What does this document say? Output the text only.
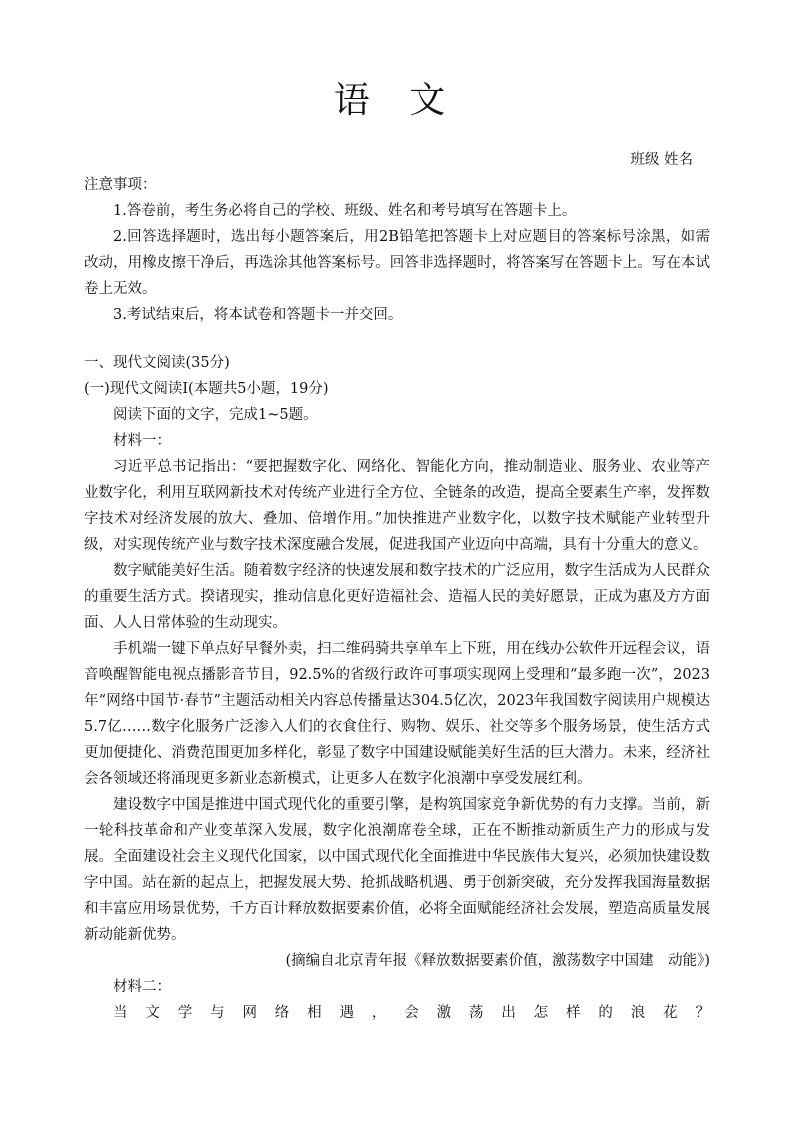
语 文
班级 姓名
注意事项：
1.答卷前，考生务必将自己的学校、班级、姓名和考号填写在答题卡上。
2.回答选择题时，选出每小题答案后，用2B铅笔把答题卡上对应题目的答案标号涂黑，如需改动，用橡皮擦干净后，再选涂其他答案标号。回答非选择题时，将答案写在答题卡上。写在本试卷上无效。
3.考试结束后，将本试卷和答题卡一并交回。
一、现代文阅读(35分)
(一)现代文阅读Ⅰ(本题共5小题，19分)
阅读下面的文字，完成1~5题。
材料一：
习近平总书记指出：“要把握数字化、网络化、智能化方向，推动制造业、服务业、农业等产业数字化，利用互联网新技术对传统产业进行全方位、全链条的改造，提高全要素生产率，发挥数字技术对经济发展的放大、叠加、倍增作用。”加快推进产业数字化，以数字技术赋能产业转型升级，对实现传统产业与数字技术深度融合发展，促进我国产业迈向中高端，具有十分重大的意义。
数字赋能美好生活。随着数字经济的快速发展和数字技术的广泛应用，数字生活成为人民群众的重要生活方式。揆诸现实，推动信息化更好造福社会、造福人民的美好愿景，正成为惠及方方面面、人人日常体验的生动现实。
手机端一键下单点好早餐外卖，扫二维码骑共享单车上下班，用在线办公软件开远程会议，语音唤醒智能电视点播影音节目，92.5%的省级行政许可事项实现网上受理和“最多跑一次”，2023年“网络中国节·春节”主题活动相关内容总传播量达304.5亿次，2023年我国数字阅读用户规模达5.7亿……数字化服务广泛渗入人们的衣食住行、购物、娱乐、社交等多个服务场景，使生活方式更加便捷化、消费范围更加多样化，彰显了数字中国建设赋能美好生活的巨大潜力。未来，经济社会各领域还将涌现更多新业态新模式，让更多人在数字化浪潮中享受发展红利。
建设数字中国是推进中国式现代化的重要引擎，是构筑国家竞争新优势的有力支撑。当前，新一轮科技革命和产业变革深入发展，数字化浪潮席卷全球，正在不断推动新质生产力的形成与发展。全面建设社会主义现代化国家，以中国式现代化全面推进中华民族伟大复兴，必须加快建设数字中国。站在新的起点上，把握发展大势、抢抓战略机遇、勇于创新突破，充分发挥我国海量数据和丰富应用场景优势，千方百计释放数据要素价值，必将全面赋能经济社会发展，塑造高质量发展新动能新优势。
(摘编自北京青年报《释放数据要素价值，激荡数字中国建　动能》)
材料二：
当 文 学 与 网 络 相 遇 ， 会 激 荡 出 怎 样 的 浪 花 ？
